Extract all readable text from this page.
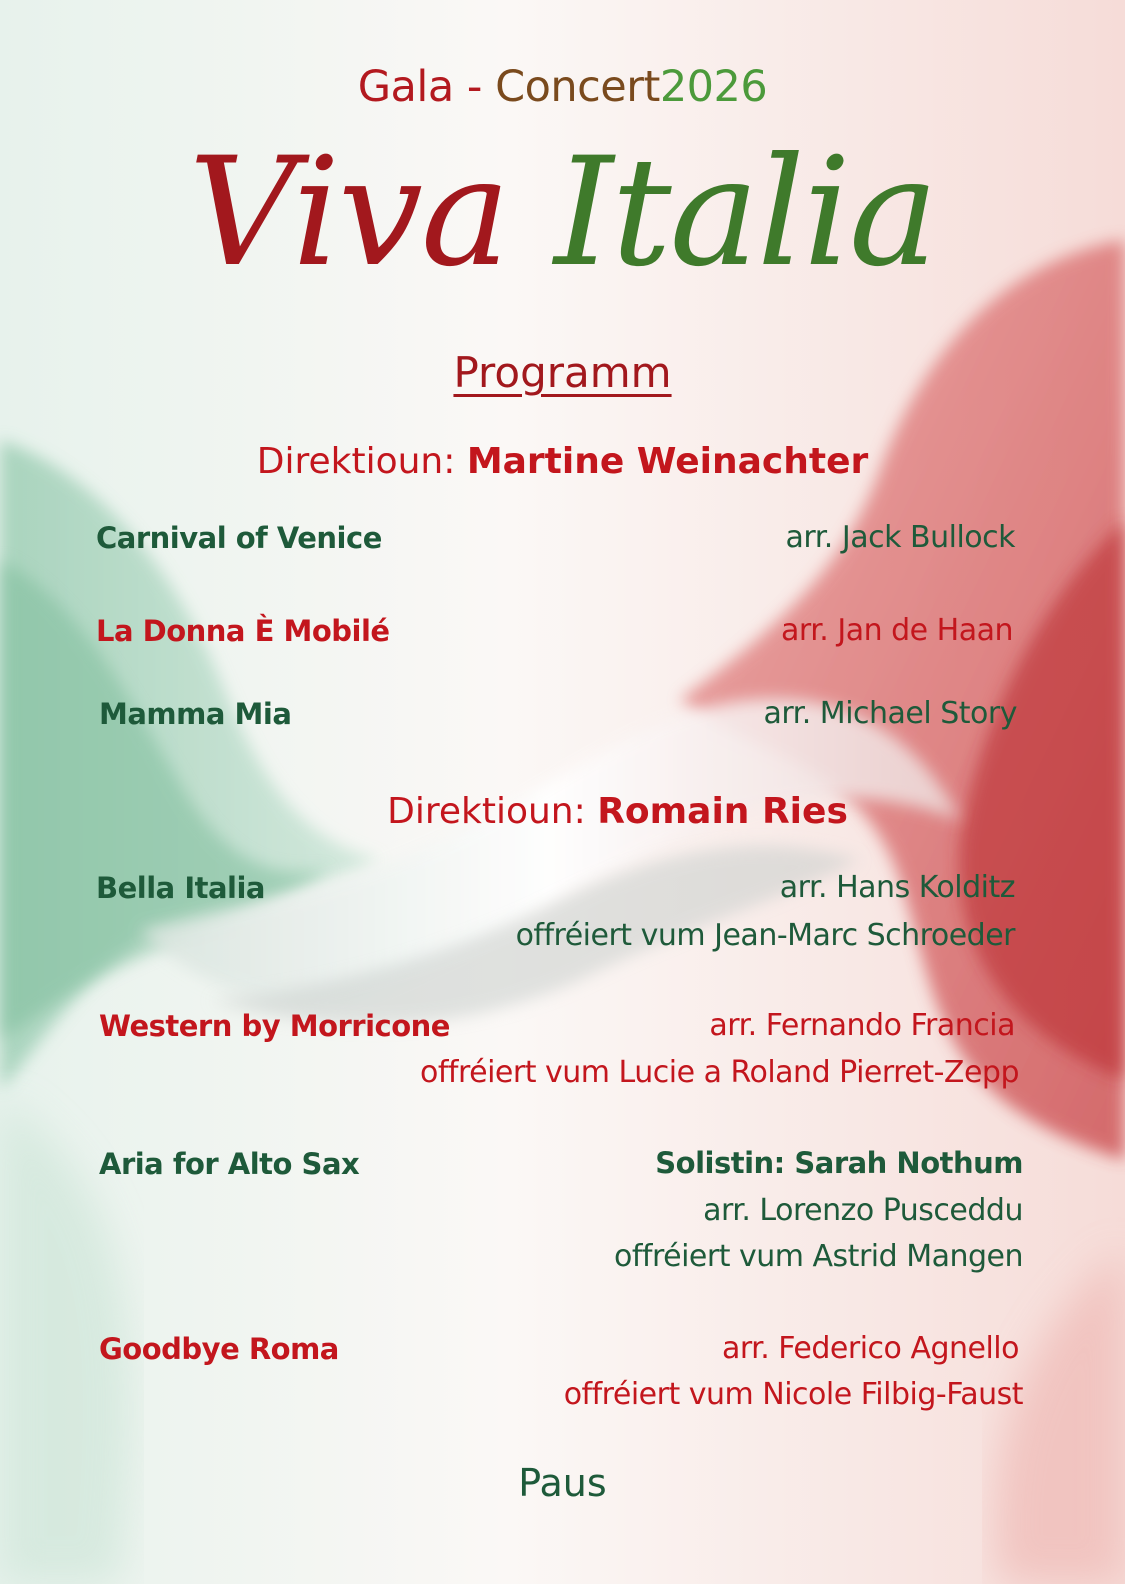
Gala - Concert2026
Viva Italia
Programm
Direktioun: Martine Weinachter
Carnival of Venice	arr. Jack Bullock
La Donna È Mobilé	arr. Jan de Haan
Mamma Mia	arr. Michael Story
Direktioun: Romain Ries
Bella Italia	arr. Hans Kolditz
offréiert vum Jean-Marc Schroeder
Western by Morricone	arr. Fernando Francia
offréiert vum Lucie a Roland Pierret-Zepp
Aria for Alto Sax	Solistin: Sarah Nothum
arr. Lorenzo Pusceddu
offréiert vum Astrid Mangen
Goodbye Roma	arr. Federico Agnello
offréiert vum Nicole Filbig-Faust
Paus
